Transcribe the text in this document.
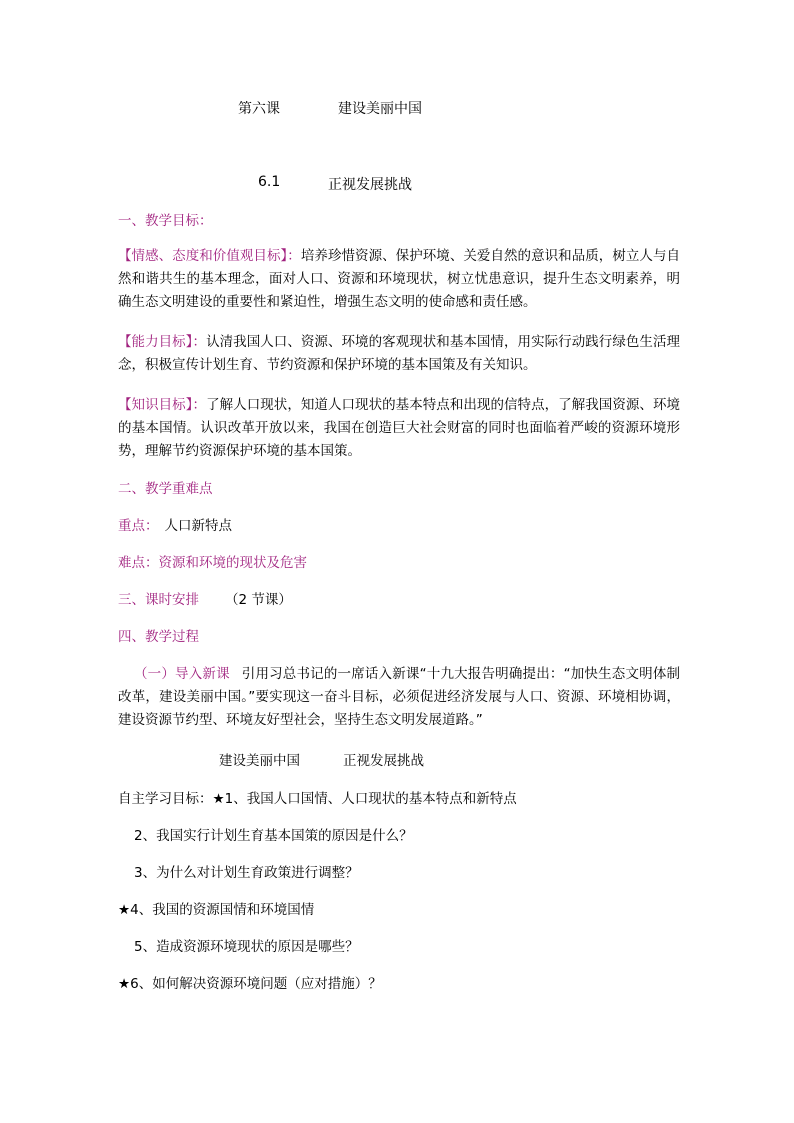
第六课	建设美丽中国
6.1	正视发展挑战
一、教学目标：
【情感、态度和价值观目标】：培养珍惜资源、保护环境、关爱自然的意识和品质，树立人与自然和谐共生的基本理念，面对人口、资源和环境现状，树立忧患意识，提升生态文明素养，明确生态文明建设的重要性和紧迫性，增强生态文明的使命感和责任感。
【能力目标】：认清我国人口、资源、环境的客观现状和基本国情，用实际行动践行绿色生活理念，积极宣传计划生育、节约资源和保护环境的基本国策及有关知识。
【知识目标】：了解人口现状，知道人口现状的基本特点和出现的信特点，了解我国资源、环境的基本国情。认识改革开放以来，我国在创造巨大社会财富的同时也面临着严峻的资源环境形势，理解节约资源保护环境的基本国策。
二、教学重难点
重点： 人口新特点
难点：资源和环境的现状及危害
三、课时安排 （2 节课）
四、教学过程
（一）导入新课 引用习总书记的一席话入新课“十九大报告明确提出：“加快生态文明体制改革，建设美丽中国。”要实现这一奋斗目标，必须促进经济发展与人口、资源、环境相协调，建设资源节约型、环境友好型社会，坚持生态文明发展道路。”
建设美丽中国	正视发展挑战
自主学习目标：★1、我国人口国情、人口现状的基本特点和新特点
2、我国实行计划生育基本国策的原因是什么？
3、为什么对计划生育政策进行调整？
★4、我国的资源国情和环境国情
5、造成资源环境现状的原因是哪些？
★6、如何解决资源环境问题（应对措施）？
